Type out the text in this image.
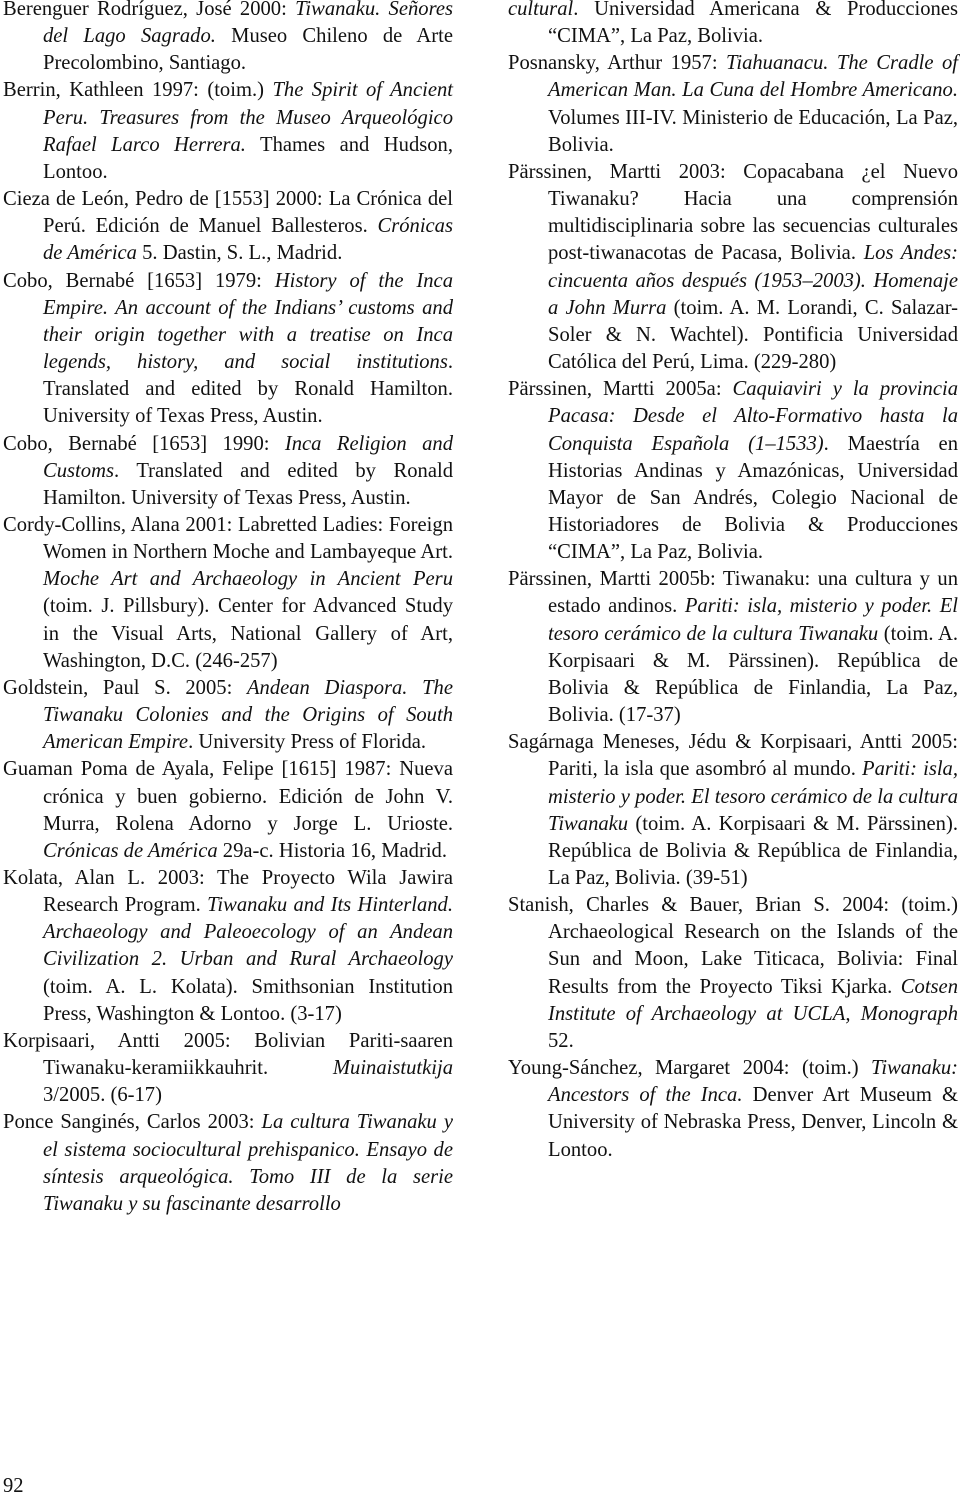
Berenguer Rodríguez, José 2000: Tiwanaku. Señores del Lago Sagrado. Museo Chileno de Arte Precolombino, Santiago.

Berrin, Kathleen 1997: (toim.) The Spirit of Ancient Peru. Treasures from the Museo Arqueológico Rafael Larco Herrera. Thames and Hudson, Lontoo.

Cieza de León, Pedro de [1553] 2000: La Crónica del Perú. Edición de Manuel Ballesteros. Crónicas de América 5. Dastin, S. L., Madrid.

Cobo, Bernabé [1653] 1979: History of the Inca Empire. An account of the Indians’ customs and their origin together with a treatise on Inca legends, history, and social institutions. Translated and edited by Ronald Hamilton. University of Texas Press, Austin.

Cobo, Bernabé [1653] 1990: Inca Religion and Customs. Translated and edited by Ronald Hamilton. University of Texas Press, Austin.

Cordy-Collins, Alana 2001: Labretted Ladies: Foreign Women in Northern Moche and Lambayeque Art. Moche Art and Archaeology in Ancient Peru (toim. J. Pillsbury). Center for Advanced Study in the Visual Arts, National Gallery of Art, Washington, D.C. (246-257)

Goldstein, Paul S. 2005: Andean Diaspora. The Tiwanaku Colonies and the Origins of South American Empire. University Press of Florida.

Guaman Poma de Ayala, Felipe [1615] 1987: Nueva crónica y buen gobierno. Edición de John V. Murra, Rolena Adorno y Jorge L. Urioste. Crónicas de América 29a-c. Historia 16, Madrid.

Kolata, Alan L. 2003: The Proyecto Wila Jawira Research Program. Tiwanaku and Its Hinterland. Archaeology and Paleoecology of an Andean Civilization 2. Urban and Rural Archaeology (toim. A. L. Kolata). Smithsonian Institution Press, Washington & Lontoo. (3-17)

Korpisaari, Antti 2005: Bolivian Pariti-saaren Tiwanaku-keramiikkauhrit. Muinaistutkija 3/2005. (6-17)

Ponce Sanginés, Carlos 2003: La cultura Tiwanaku y el sistema sociocultural prehispanico. Ensayo de síntesis arqueológica. Tomo III de la serie Tiwanaku y su fascinante desarrollo

cultural. Universidad Americana & Producciones “CIMA”, La Paz, Bolivia.

Posnansky, Arthur 1957: Tiahuanacu. The Cradle of American Man. La Cuna del Hombre Americano. Volumes III-IV. Ministerio de Educación, La Paz, Bolivia.

Pärssinen, Martti 2003: Copacabana ¿el Nuevo Tiwanaku? Hacia una comprensión multidisciplinaria sobre las secuencias culturales post-tiwanacotas de Pacasa, Bolivia. Los Andes: cincuenta años después (1953–2003). Homenaje a John Murra (toim. A. M. Lorandi, C. Salazar-Soler & N. Wachtel). Pontificia Universidad Católica del Perú, Lima. (229-280)

Pärssinen, Martti 2005a: Caquiaviri y la provincia Pacasa: Desde el Alto-Formativo hasta la Conquista Española (1–1533). Maestría en Historias Andinas y Amazónicas, Universidad Mayor de San Andrés, Colegio Nacional de Historiadores de Bolivia & Producciones “CIMA”, La Paz, Bolivia.

Pärssinen, Martti 2005b: Tiwanaku: una cultura y un estado andinos. Pariti: isla, misterio y poder. El tesoro cerámico de la cultura Tiwanaku (toim. A. Korpisaari & M. Pärssinen). República de Bolivia & República de Finlandia, La Paz, Bolivia. (17-37)

Sagárnaga Meneses, Jédu & Korpisaari, Antti 2005: Pariti, la isla que asombró al mundo. Pariti: isla, misterio y poder. El tesoro cerámico de la cultura Tiwanaku (toim. A. Korpisaari & M. Pärssinen). República de Bolivia & República de Finlandia, La Paz, Bolivia. (39-51)

Stanish, Charles & Bauer, Brian S. 2004: (toim.) Archaeological Research on the Islands of the Sun and Moon, Lake Titicaca, Bolivia: Final Results from the Proyecto Tiksi Kjarka. Cotsen Institute of Archaeology at UCLA, Monograph 52.

Young-Sánchez, Margaret 2004: (toim.) Tiwanaku: Ancestors of the Inca. Denver Art Museum & University of Nebraska Press, Denver, Lincoln & Lontoo.

92
